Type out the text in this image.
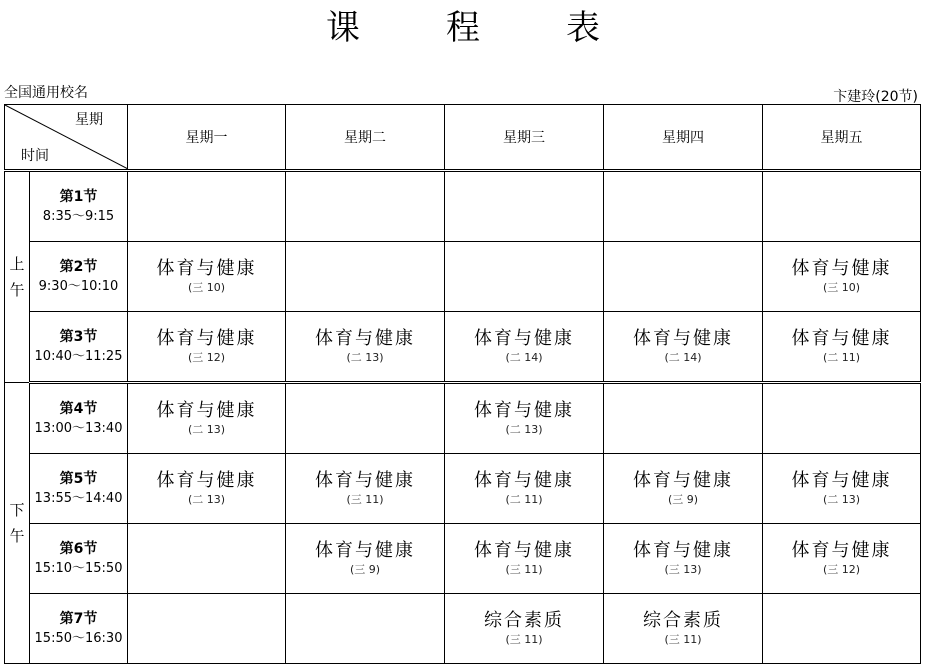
课	程	表
全国通用校名	卞建玲(20节)
星期
时间		星期一	星期二	星期三	星期四	星期五

上
午	第1节
8:35～9:15					

	第2节
9:30～10:10	体育与健康
(三 10)				体育与健康
(三 10)

	第3节
10:40～11:25	体育与健康
(三 12)	体育与健康
(二 13)	体育与健康
(二 14)	体育与健康
(二 14)	体育与健康
(二 11)

下
午	第4节
13:00～13:40	体育与健康
(二 13)		体育与健康
(二 13)		

	第5节
13:55～14:40	体育与健康
(二 13)	体育与健康
(三 11)	体育与健康
(二 11)	体育与健康
(三 9)	体育与健康
(二 13)

	第6节
15:10～15:50		体育与健康
(三 9)	体育与健康
(三 11)	体育与健康
(三 13)	体育与健康
(三 12)

	第7节
15:50～16:30			综合素质
(三 11)	综合素质
(三 11)	
